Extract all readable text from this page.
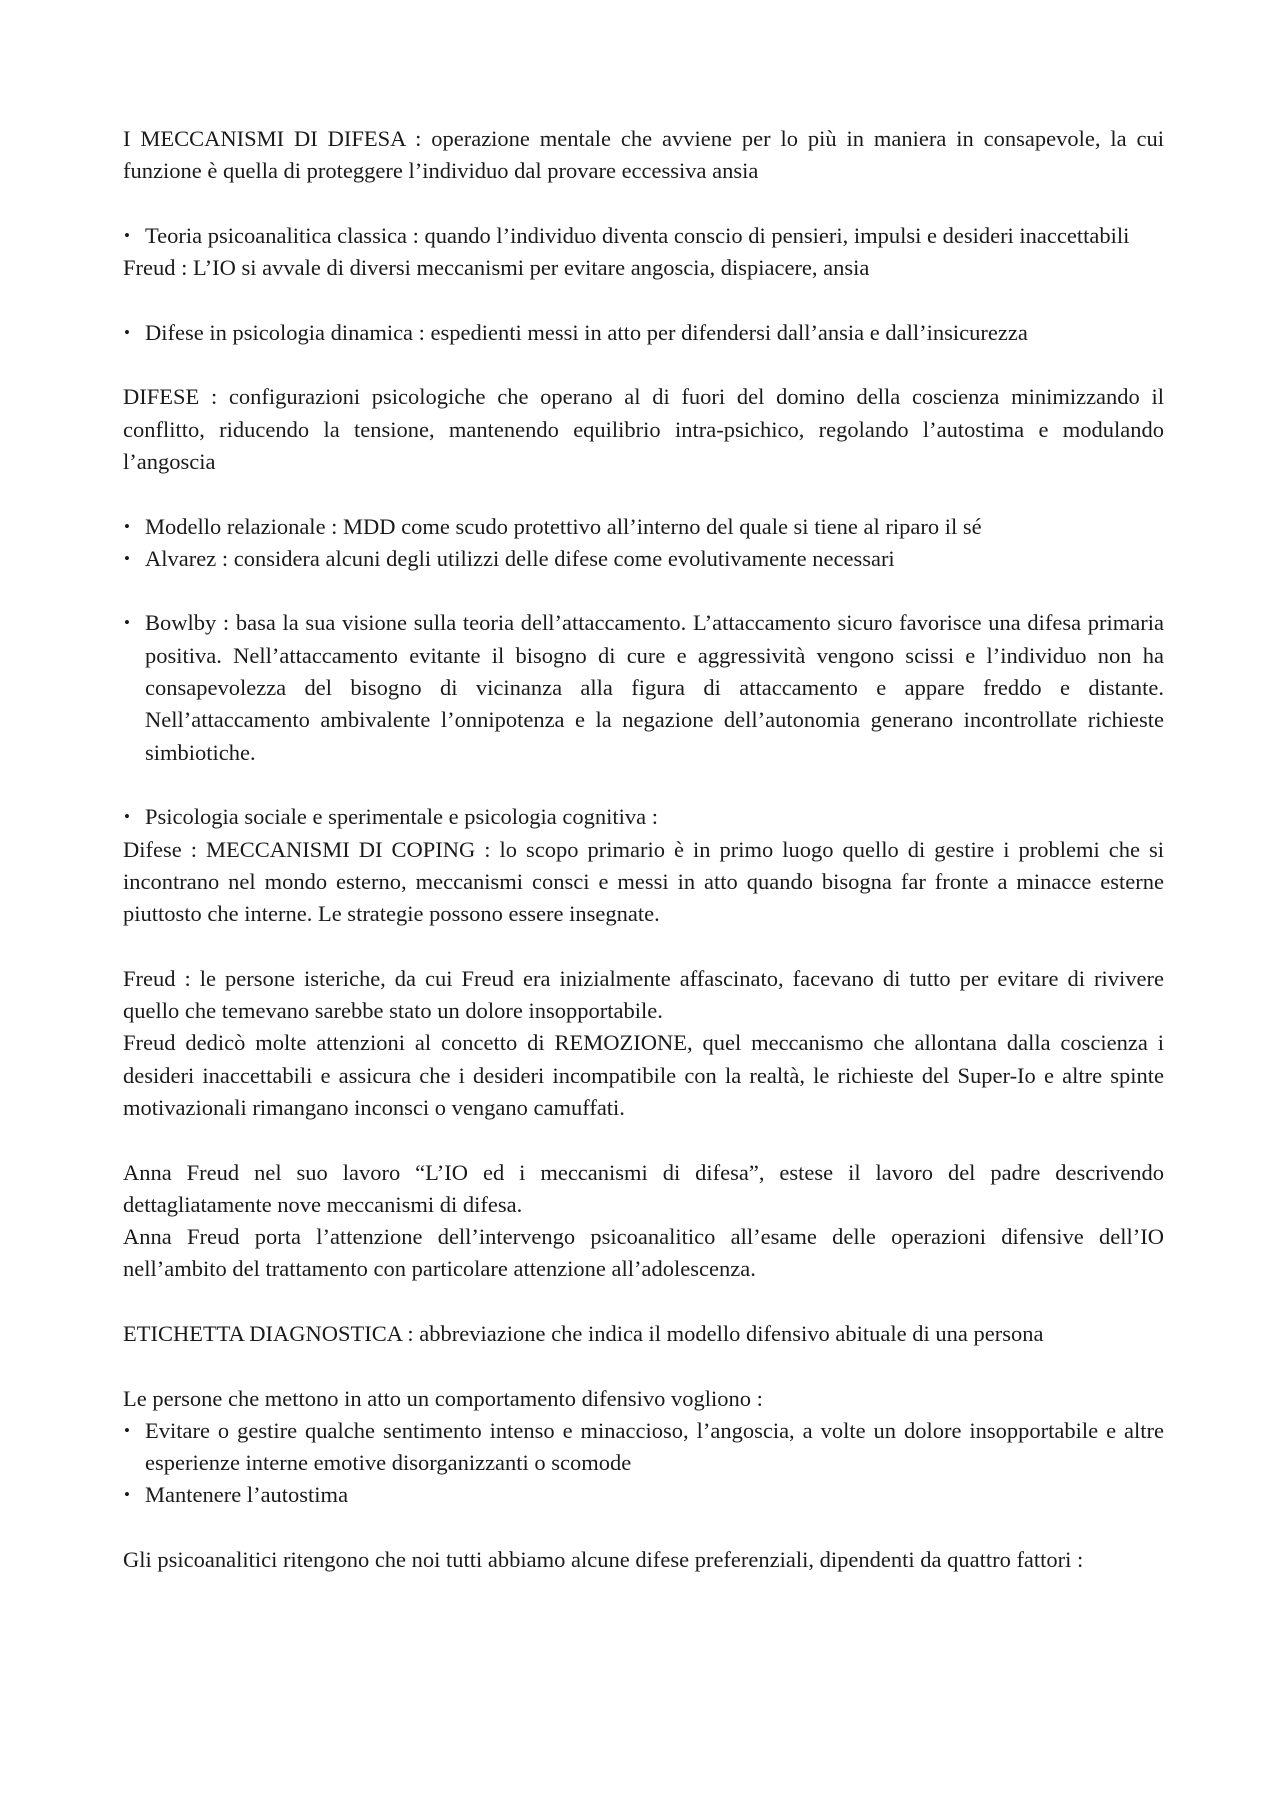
I MECCANISMI DI DIFESA : operazione mentale che avviene per lo più in maniera in consapevole, la cui funzione è quella di proteggere l’individuo dal provare eccessiva ansia

• Teoria psicoanalitica classica : quando l’individuo diventa conscio di pensieri, impulsi e desideri inaccettabili

Freud : L’IO si avvale di diversi meccanismi per evitare angoscia, dispiacere, ansia

• Difese in psicologia dinamica : espedienti messi in atto per difendersi dall’ansia e dall’insicurezza

DIFESE : configurazioni psicologiche che operano al di fuori del domino della coscienza minimizzando il conflitto, riducendo la tensione, mantenendo equilibrio intra-psichico, regolando l’autostima e modulando l’angoscia

• Modello relazionale : MDD come scudo protettivo all’interno del quale si tiene al riparo il sé
• Alvarez : considera alcuni degli utilizzi delle difese come evolutivamente necessari
• Bowlby : basa la sua visione sulla teoria dell’attaccamento. L’attaccamento sicuro favorisce una difesa primaria positiva. Nell’attaccamento evitante il bisogno di cure e aggressività vengono scissi e l’individuo non ha consapevolezza del bisogno di vicinanza alla figura di attaccamento e appare freddo e distante. Nell’attaccamento ambivalente l’onnipotenza e la negazione dell’autonomia generano incontrollate richieste simbiotiche.
• Psicologia sociale e sperimentale e psicologia cognitiva :

Difese : MECCANISMI DI COPING : lo scopo primario è in primo luogo quello di gestire i problemi che si incontrano nel mondo esterno, meccanismi consci e messi in atto quando bisogna far fronte a minacce esterne piuttosto che interne. Le strategie possono essere insegnate.

Freud : le persone isteriche, da cui Freud era inizialmente affascinato, facevano di tutto per evitare di rivivere quello che temevano sarebbe stato un dolore insopportabile.

Freud dedicò molte attenzioni al concetto di REMOZIONE, quel meccanismo che allontana dalla coscienza i desideri inaccettabili e assicura che i desideri incompatibile con la realtà, le richieste del Super-Io e altre spinte motivazionali rimangano inconsci o vengano camuffati.

Anna Freud nel suo lavoro “L’IO ed i meccanismi di difesa”, estese il lavoro del padre descrivendo dettagliatamente nove meccanismi di difesa.

Anna Freud porta l’attenzione dell’intervengo psicoanalitico all’esame delle operazioni difensive dell’IO nell’ambito del trattamento con particolare attenzione all’adolescenza.

ETICHETTA DIAGNOSTICA : abbreviazione che indica il modello difensivo abituale di una persona

Le persone che mettono in atto un comportamento difensivo vogliono :

• Evitare o gestire qualche sentimento intenso e minaccioso, l’angoscia, a volte un dolore insopportabile e altre esperienze interne emotive disorganizzanti o scomode
• Mantenere l’autostima

Gli psicoanalitici ritengono che noi tutti abbiamo alcune difese preferenziali, dipendenti da quattro fattori :
